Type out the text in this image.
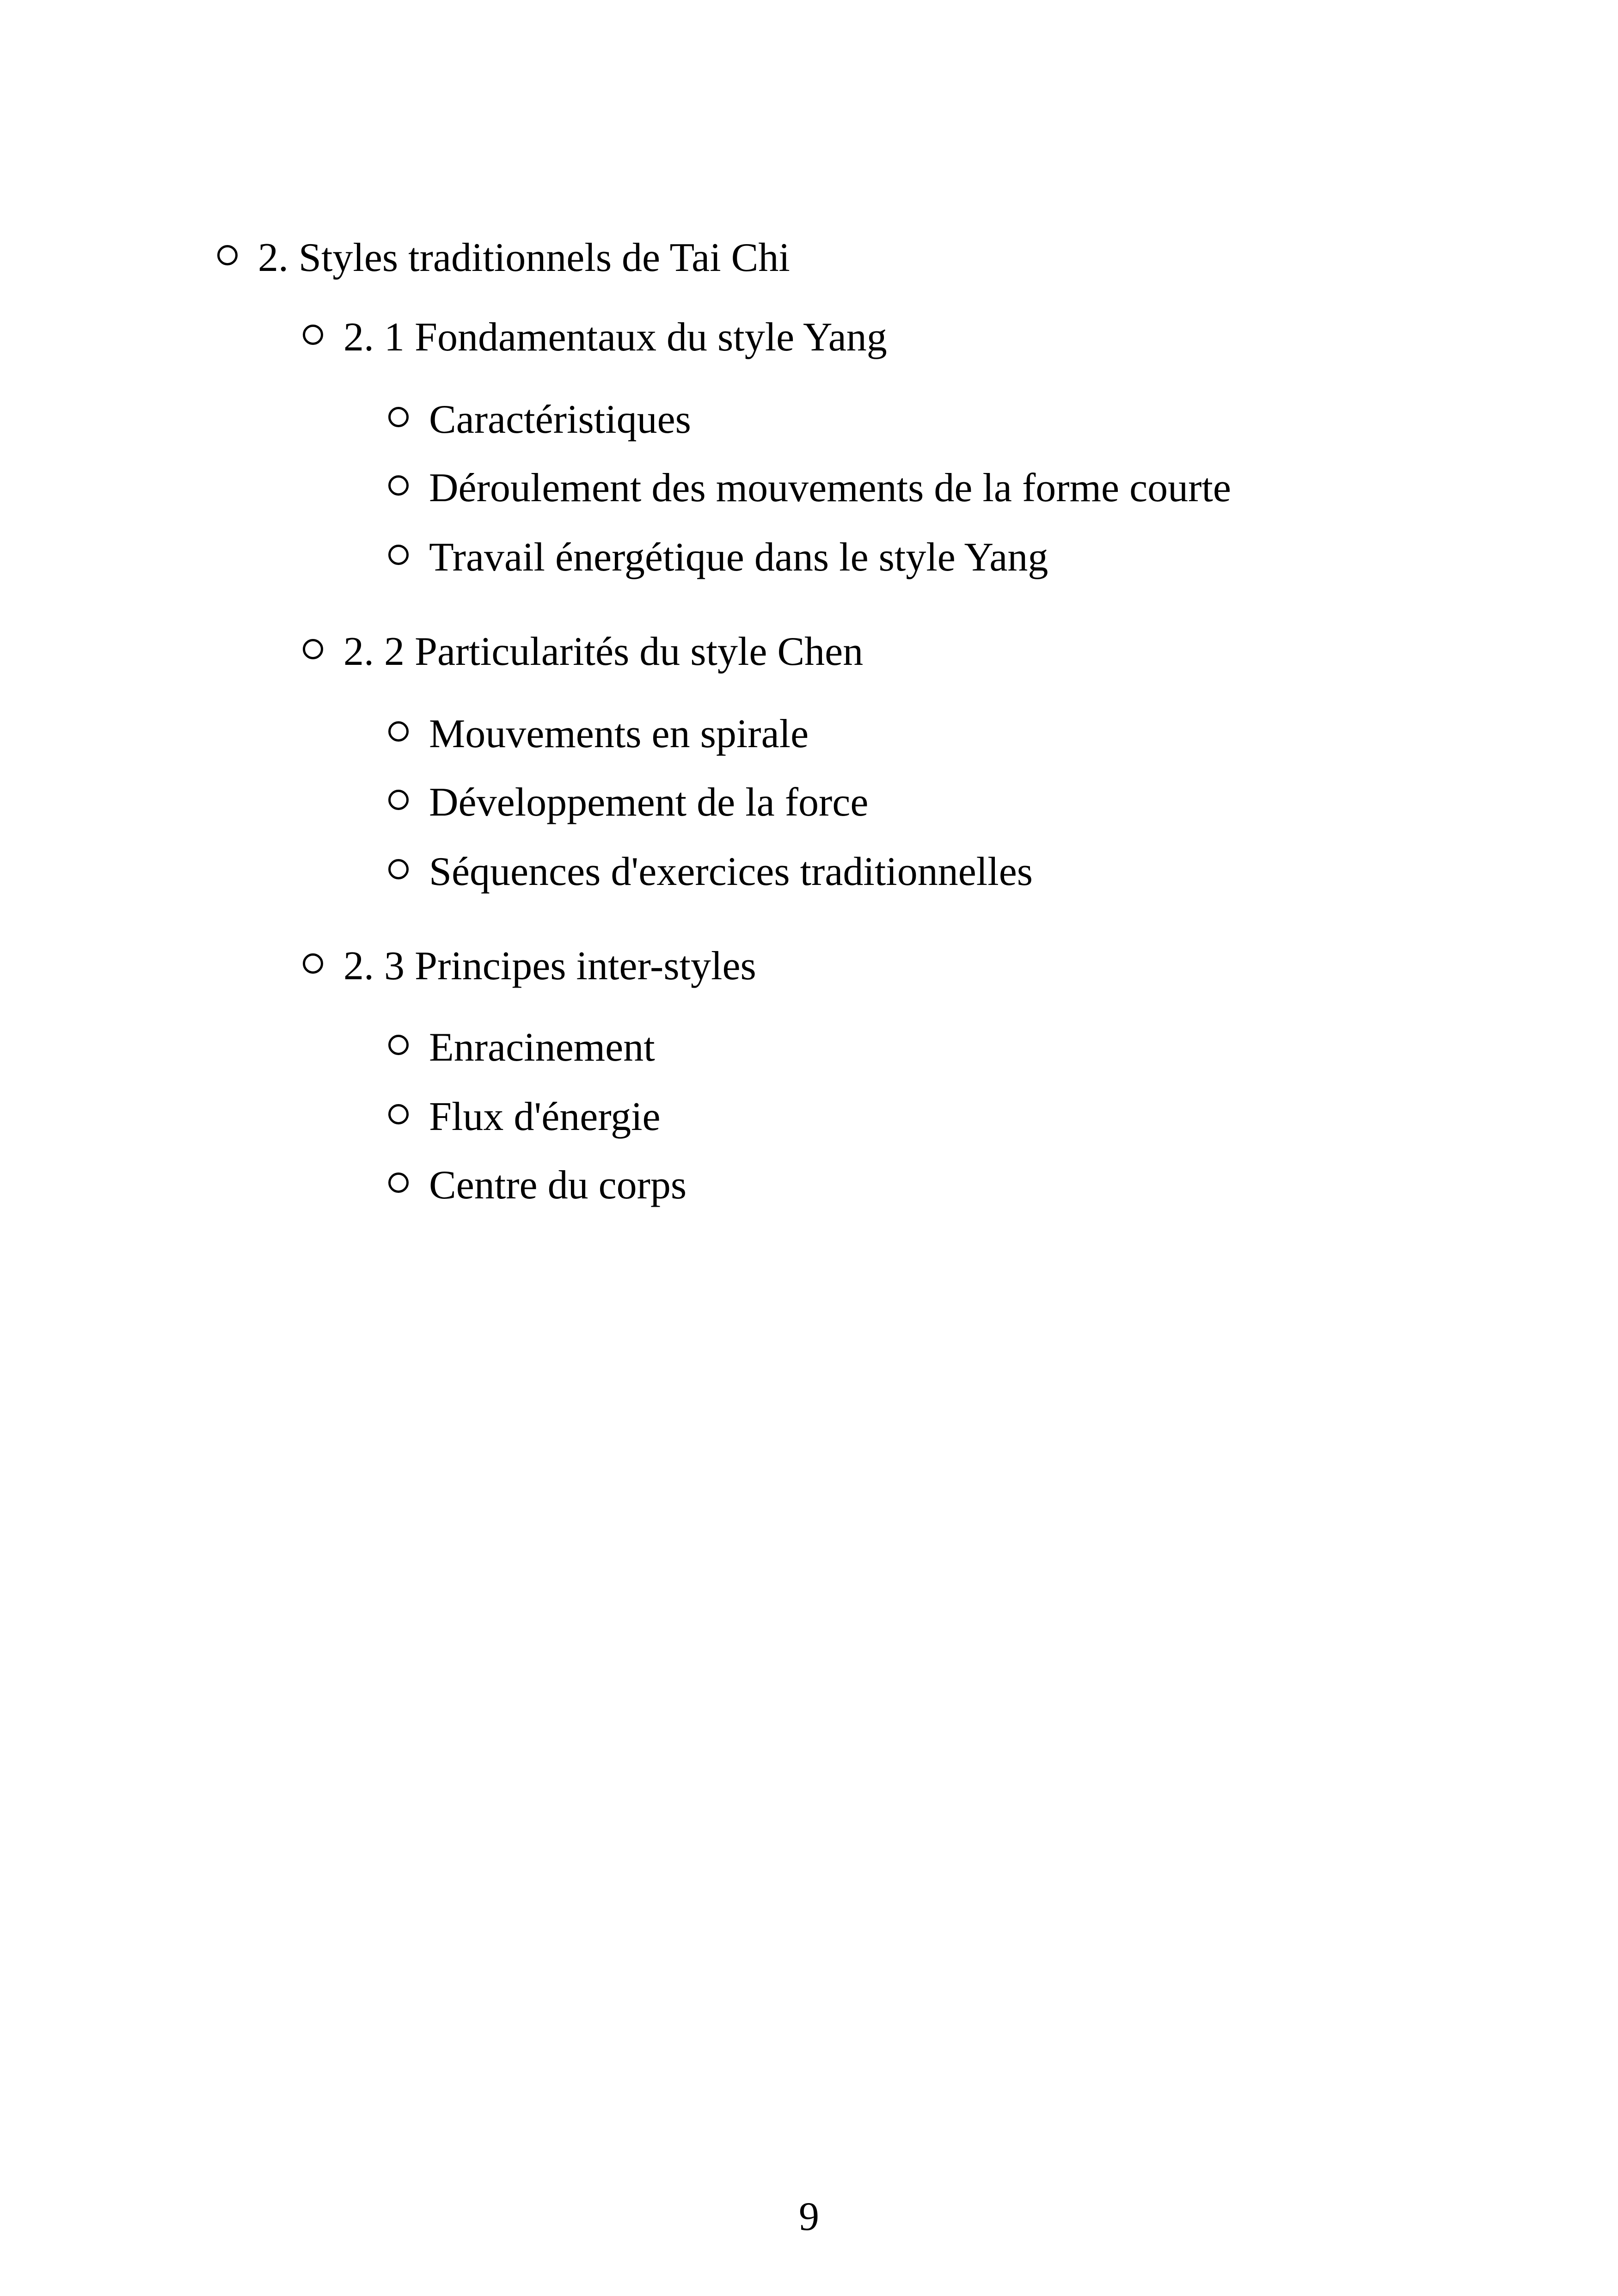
2. Styles traditionnels de Tai Chi
2. 1 Fondamentaux du style Yang
Caractéristiques
Déroulement des mouvements de la forme courte
Travail énergétique dans le style Yang
2. 2 Particularités du style Chen
Mouvements en spirale
Développement de la force
Séquences d'exercices traditionnelles
2. 3 Principes inter-styles
Enracinement
Flux d'énergie
Centre du corps
9
